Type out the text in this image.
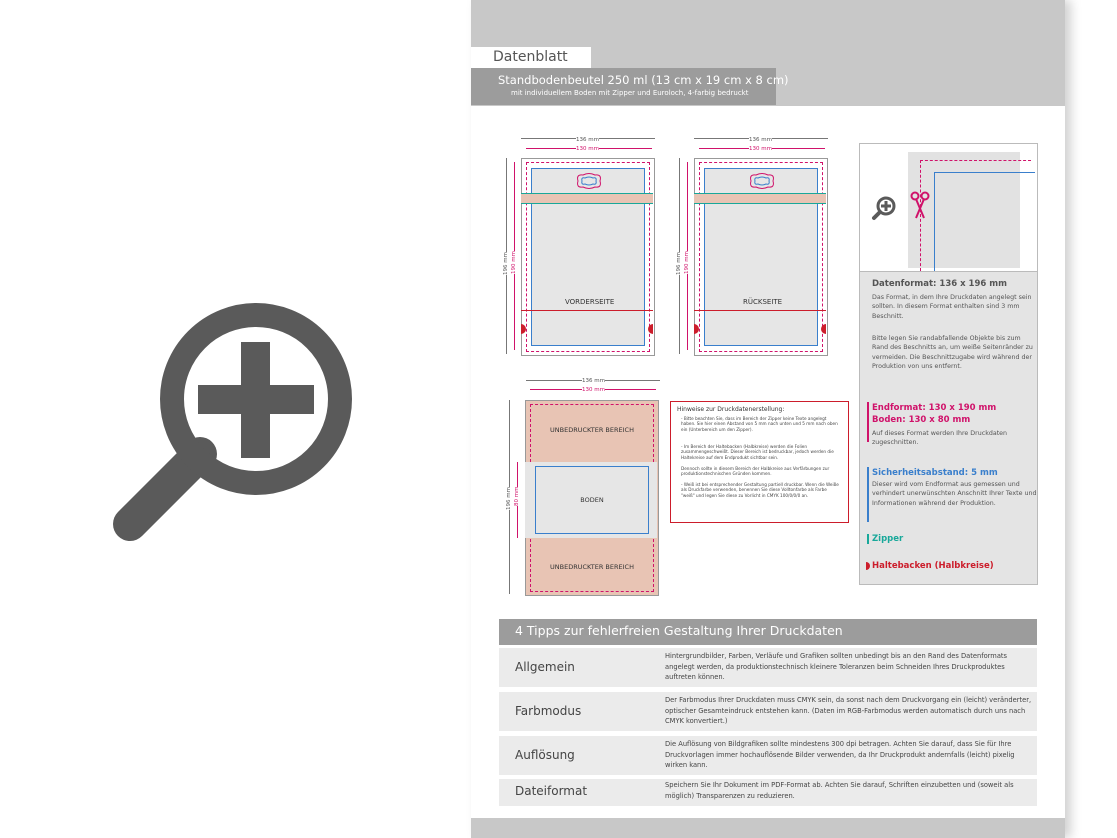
Datenblatt
Standbodenbeutel 250 ml (13 cm x 19 cm x 8 cm)
mit individuellem Boden mit Zipper und Euroloch, 4-farbig bedruckt
136 mm
130 mm
196 mm 190 mm
VORDERSEITE
136 mm
130 mm
196 mm 190 mm
RÜCKSEITE
136 mm
130 mm
196 mm 80 mm
UNBEDRUCKTER BEREICH
BODEN
UNBEDRUCKTER BEREICH
Hinweise zur Druckdatenerstellung:
- Bitte beachten Sie, dass im Bereich der Zipper keine Texte angelegt haben. Sie hier einen Abstand von 5 mm nach unten und 5 mm nach oben ein (Unterbereich um den Zipper).
- Im Bereich der Haltebacken (Halbkreise) werden die Folien zusammengeschweißt. Dieser Bereich ist bedruckbar, jedoch werden die Haltekreise auf dem Endprodukt sichtbar sein.
Dennoch sollte in diesem Bereich der Halbkreise aus Verfärbungen zur produktionstechnischen Gründen kommen.
- Weiß ist bei entsprechender Gestaltung partiell druckbar. Wenn die Weiße als Druckfarbe verwenden, benennen Sie diese Volltonfarbe als Farbe "weiß" und legen Sie diese zu Vorlicht in CMYK 100/0/0/0 an.
Datenformat: 136 x 196 mm
Das Format, in dem Ihre Druckdaten angelegt sein sollten. In diesem Format enthalten sind 3 mm Beschnitt.
Bitte legen Sie randabfallende Objekte bis zum Rand des Beschnitts an, um weiße Seitenränder zu vermeiden. Die Beschnittzugabe wird während der Produktion von uns entfernt.
Endformat: 130 x 190 mm
Boden: 130 x 80 mm
Auf dieses Format werden Ihre Druckdaten zugeschnitten.
Sicherheitsabstand: 5 mm
Dieser wird vom Endformat aus gemessen und verhindert unerwünschten Anschnitt Ihrer Texte und Informationen während der Produktion.
Zipper
Haltebacken (Halbkreise)
4 Tipps zur fehlerfreien Gestaltung Ihrer Druckdaten
Allgemein
Hintergrundbilder, Farben, Verläufe und Grafiken sollten unbedingt bis an den Rand des Datenformats angelegt werden, da produktionstechnisch kleinere Toleranzen beim Schneiden Ihres Druckproduktes auftreten können.
Farbmodus
Der Farbmodus Ihrer Druckdaten muss CMYK sein, da sonst nach dem Druckvorgang ein (leicht) veränderter, optischer Gesamteindruck entstehen kann. (Daten im RGB-Farbmodus werden automatisch durch uns nach CMYK konvertiert.)
Auflösung
Die Auflösung von Bildgrafiken sollte mindestens 300 dpi betragen. Achten Sie darauf, dass Sie für Ihre Druckvorlagen immer hochauflösende Bilder verwenden, da Ihr Druckprodukt andernfalls (leicht) pixelig wirken kann.
Dateiformat	Speichern Sie Ihr Dokument im PDF-Format ab. Achten Sie darauf, Schriften einzubetten und (soweit als möglich) Transparenzen zu reduzieren.
